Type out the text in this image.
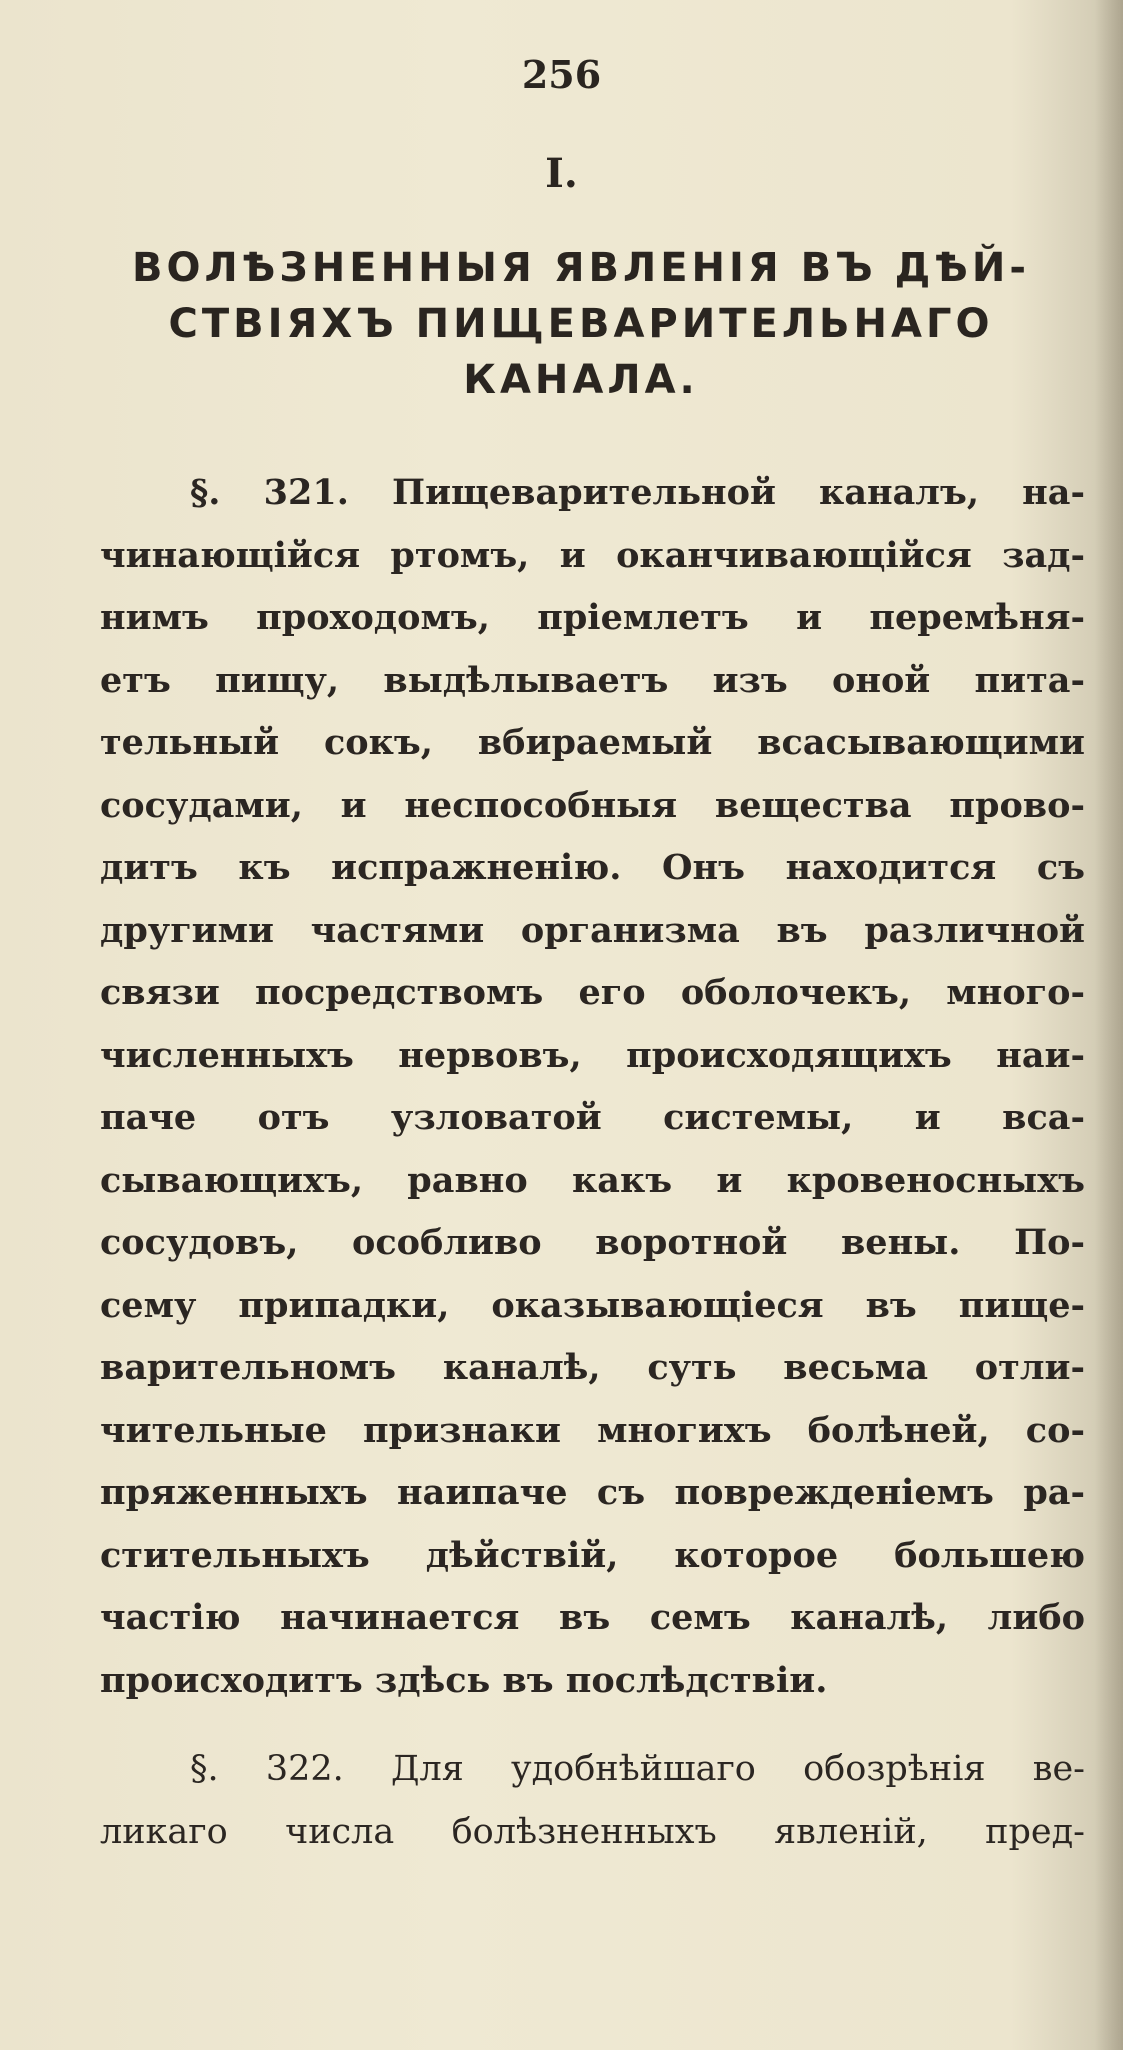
256
I.
ВОЛѢЗНЕННЫЯ ЯВЛЕНІЯ ВЪ ДѢЙ-
СТВІЯХЪ ПИЩЕВАРИТЕЛЬНАГО
КАНАЛА.
§. 321. Пищеварительной каналъ, на-
чинающійся ртомъ, и оканчивающійся зад-
нимъ проходомъ, пріемлетъ и перемѣня-
етъ пищу, выдѣлываетъ изъ оной пита-
тельный сокъ, вбираемый всасывающими
сосудами, и неспособныя вещества прово-
дитъ къ испражненію. Онъ находится съ
другими частями организма въ различной
связи посредствомъ его оболочекъ, много-
численныхъ нервовъ, происходящихъ наи-
паче отъ узловатой системы, и вса-
сывающихъ, равно какъ и кровеносныхъ
сосудовъ, особливо воротной вены. По-
сему припадки, оказывающіеся въ пище-
варительномъ каналѣ, суть весьма отли-
чительные признаки многихъ болѣней, со-
пряженныхъ наипаче съ поврежденіемъ ра-
стительныхъ дѣйствій, которое большею
частію начинается въ семъ каналѣ, либо
происходитъ здѣсь въ послѣдствіи.
§. 322. Для удобнѣйшаго обозрѣнія ве-
ликаго числа болѣзненныхъ явленій, пред-
